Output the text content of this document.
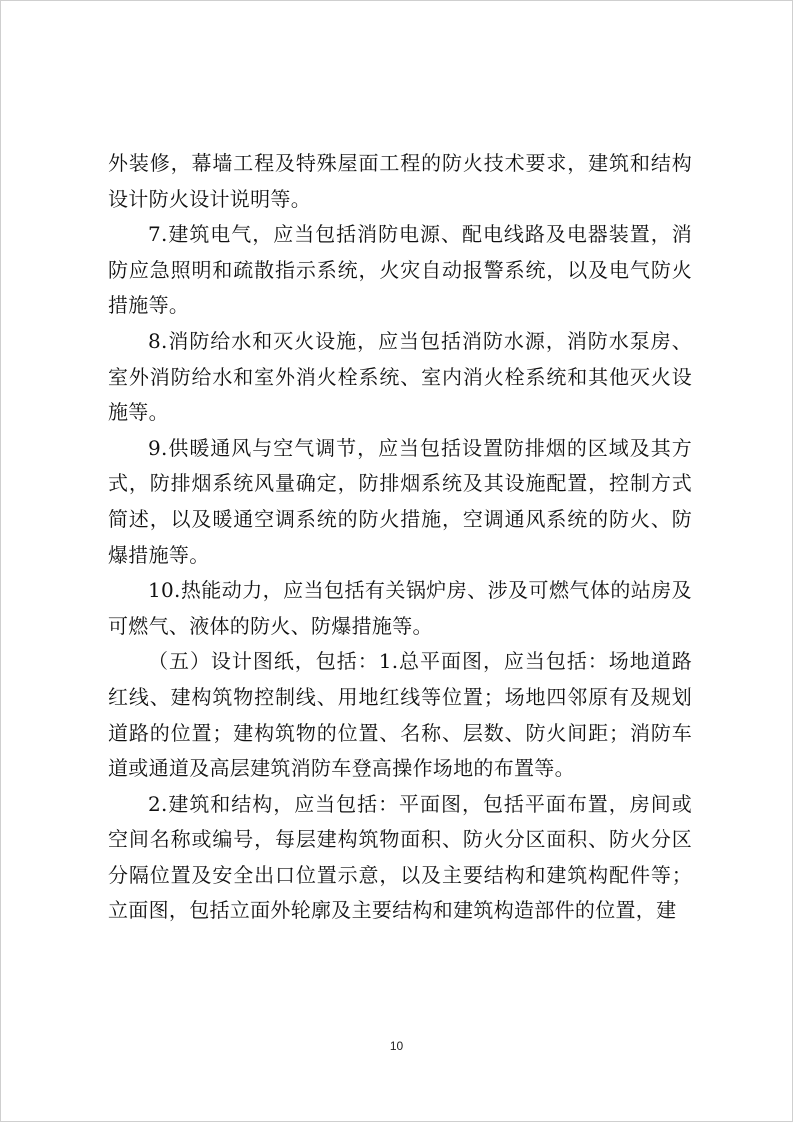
外装修，幕墙工程及特殊屋面工程的防火技术要求，建筑和结构设计防火设计说明等。

7.建筑电气，应当包括消防电源、配电线路及电器装置，消防应急照明和疏散指示系统，火灾自动报警系统，以及电气防火措施等。

8.消防给水和灭火设施，应当包括消防水源，消防水泵房、室外消防给水和室外消火栓系统、室内消火栓系统和其他灭火设施等。

9.供暖通风与空气调节，应当包括设置防排烟的区域及其方式，防排烟系统风量确定，防排烟系统及其设施配置，控制方式简述，以及暖通空调系统的防火措施，空调通风系统的防火、防爆措施等。

10.热能动力，应当包括有关锅炉房、涉及可燃气体的站房及可燃气、液体的防火、防爆措施等。

（五）设计图纸，包括：1.总平面图，应当包括：场地道路红线、建构筑物控制线、用地红线等位置；场地四邻原有及规划道路的位置；建构筑物的位置、名称、层数、防火间距；消防车道或通道及高层建筑消防车登高操作场地的布置等。

2.建筑和结构，应当包括：平面图，包括平面布置，房间或空间名称或编号，每层建构筑物面积、防火分区面积、防火分区分隔位置及安全出口位置示意，以及主要结构和建筑构配件等；立面图，包括立面外轮廓及主要结构和建筑构造部件的位置，建

10
